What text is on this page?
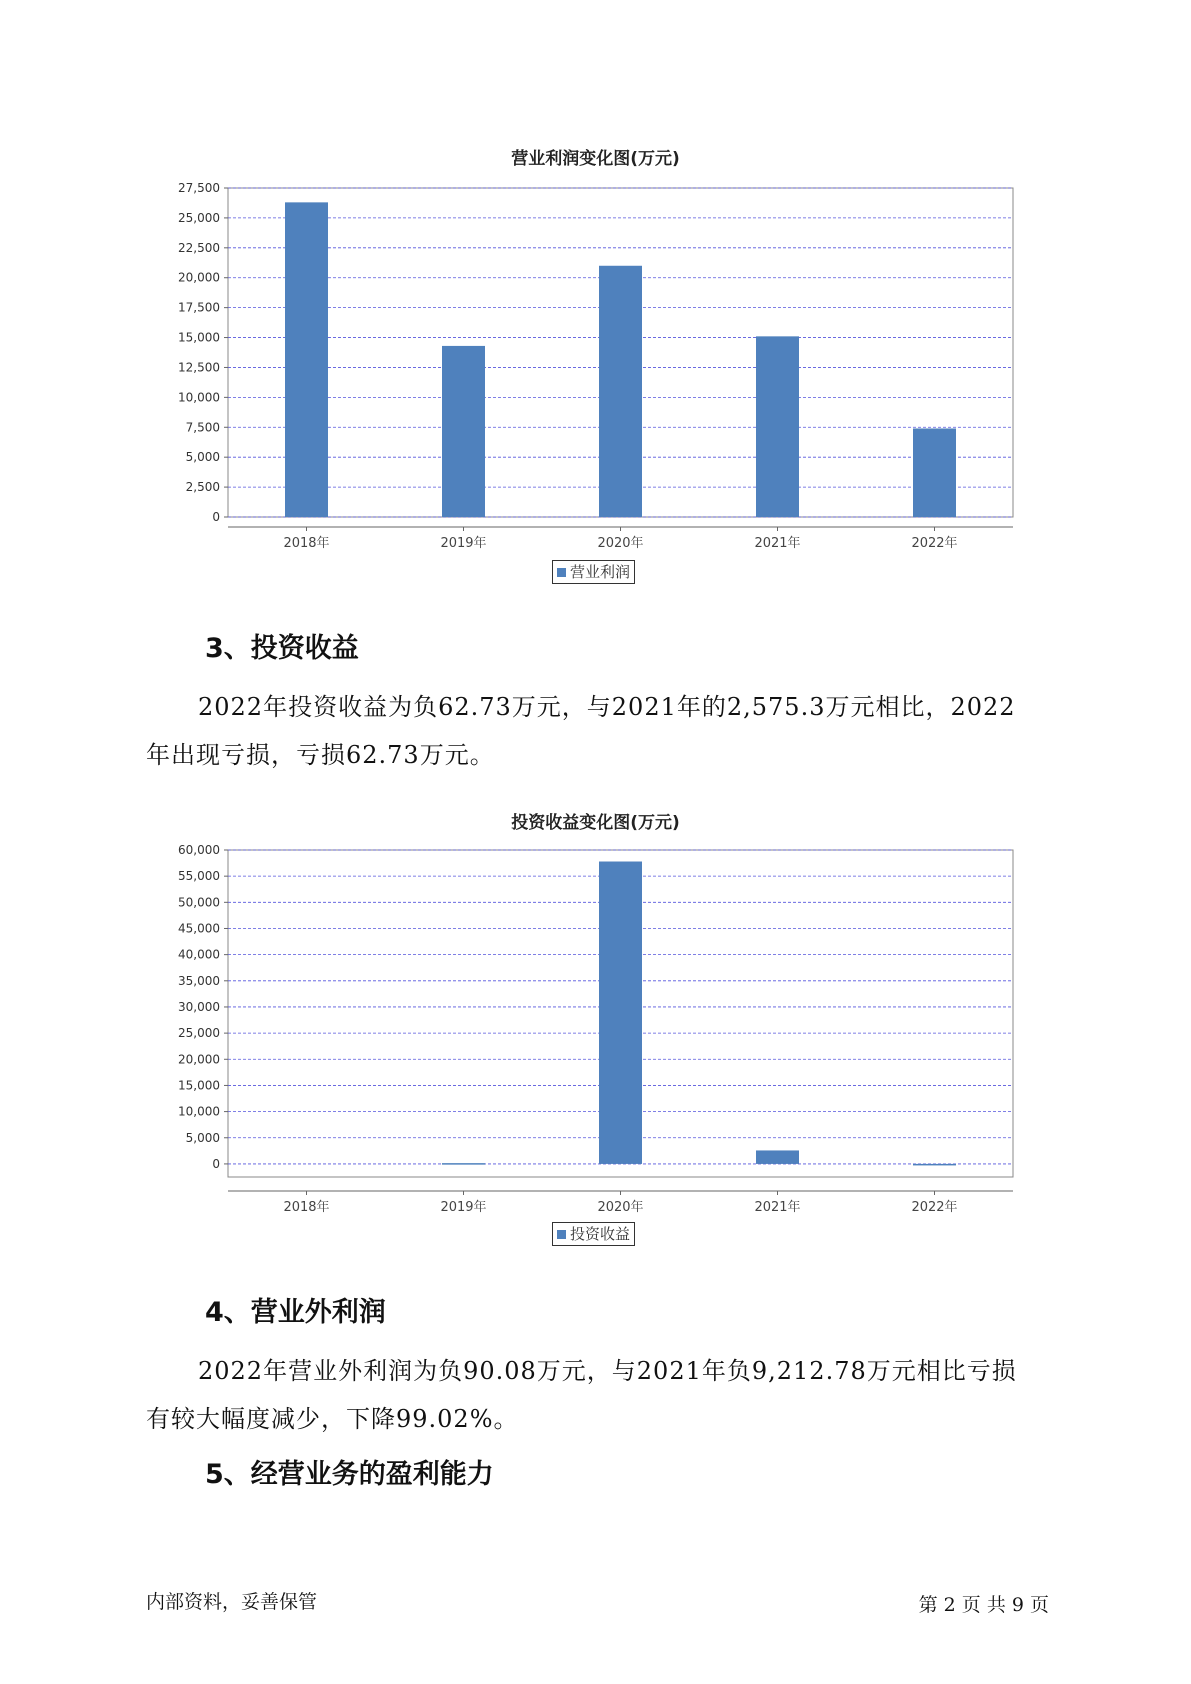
营业利润变化图(万元)
0
2,500
5,000
7,500
10,000
12,500
15,000
17,500
20,000
22,500
25,000
27,500
2018年	2019年	2020年	2021年	2022年
营业利润
3、投资收益
2022年投资收益为负62.73万元，与2021年的2,575.3万元相比，2022
年出现亏损，亏损62.73万元。
投资收益变化图(万元)
0
5,000
10,000
15,000
20,000
25,000
30,000
35,000
40,000
45,000
50,000
55,000
60,000
2018年	2019年	2020年	2021年	2022年
投资收益
4、营业外利润
2022年营业外利润为负90.08万元，与2021年负9,212.78万元相比亏损
有较大幅度减少，下降99.02%。
5、经营业务的盈利能力
内部资料，妥善保管	第 2 页 共 9 页
